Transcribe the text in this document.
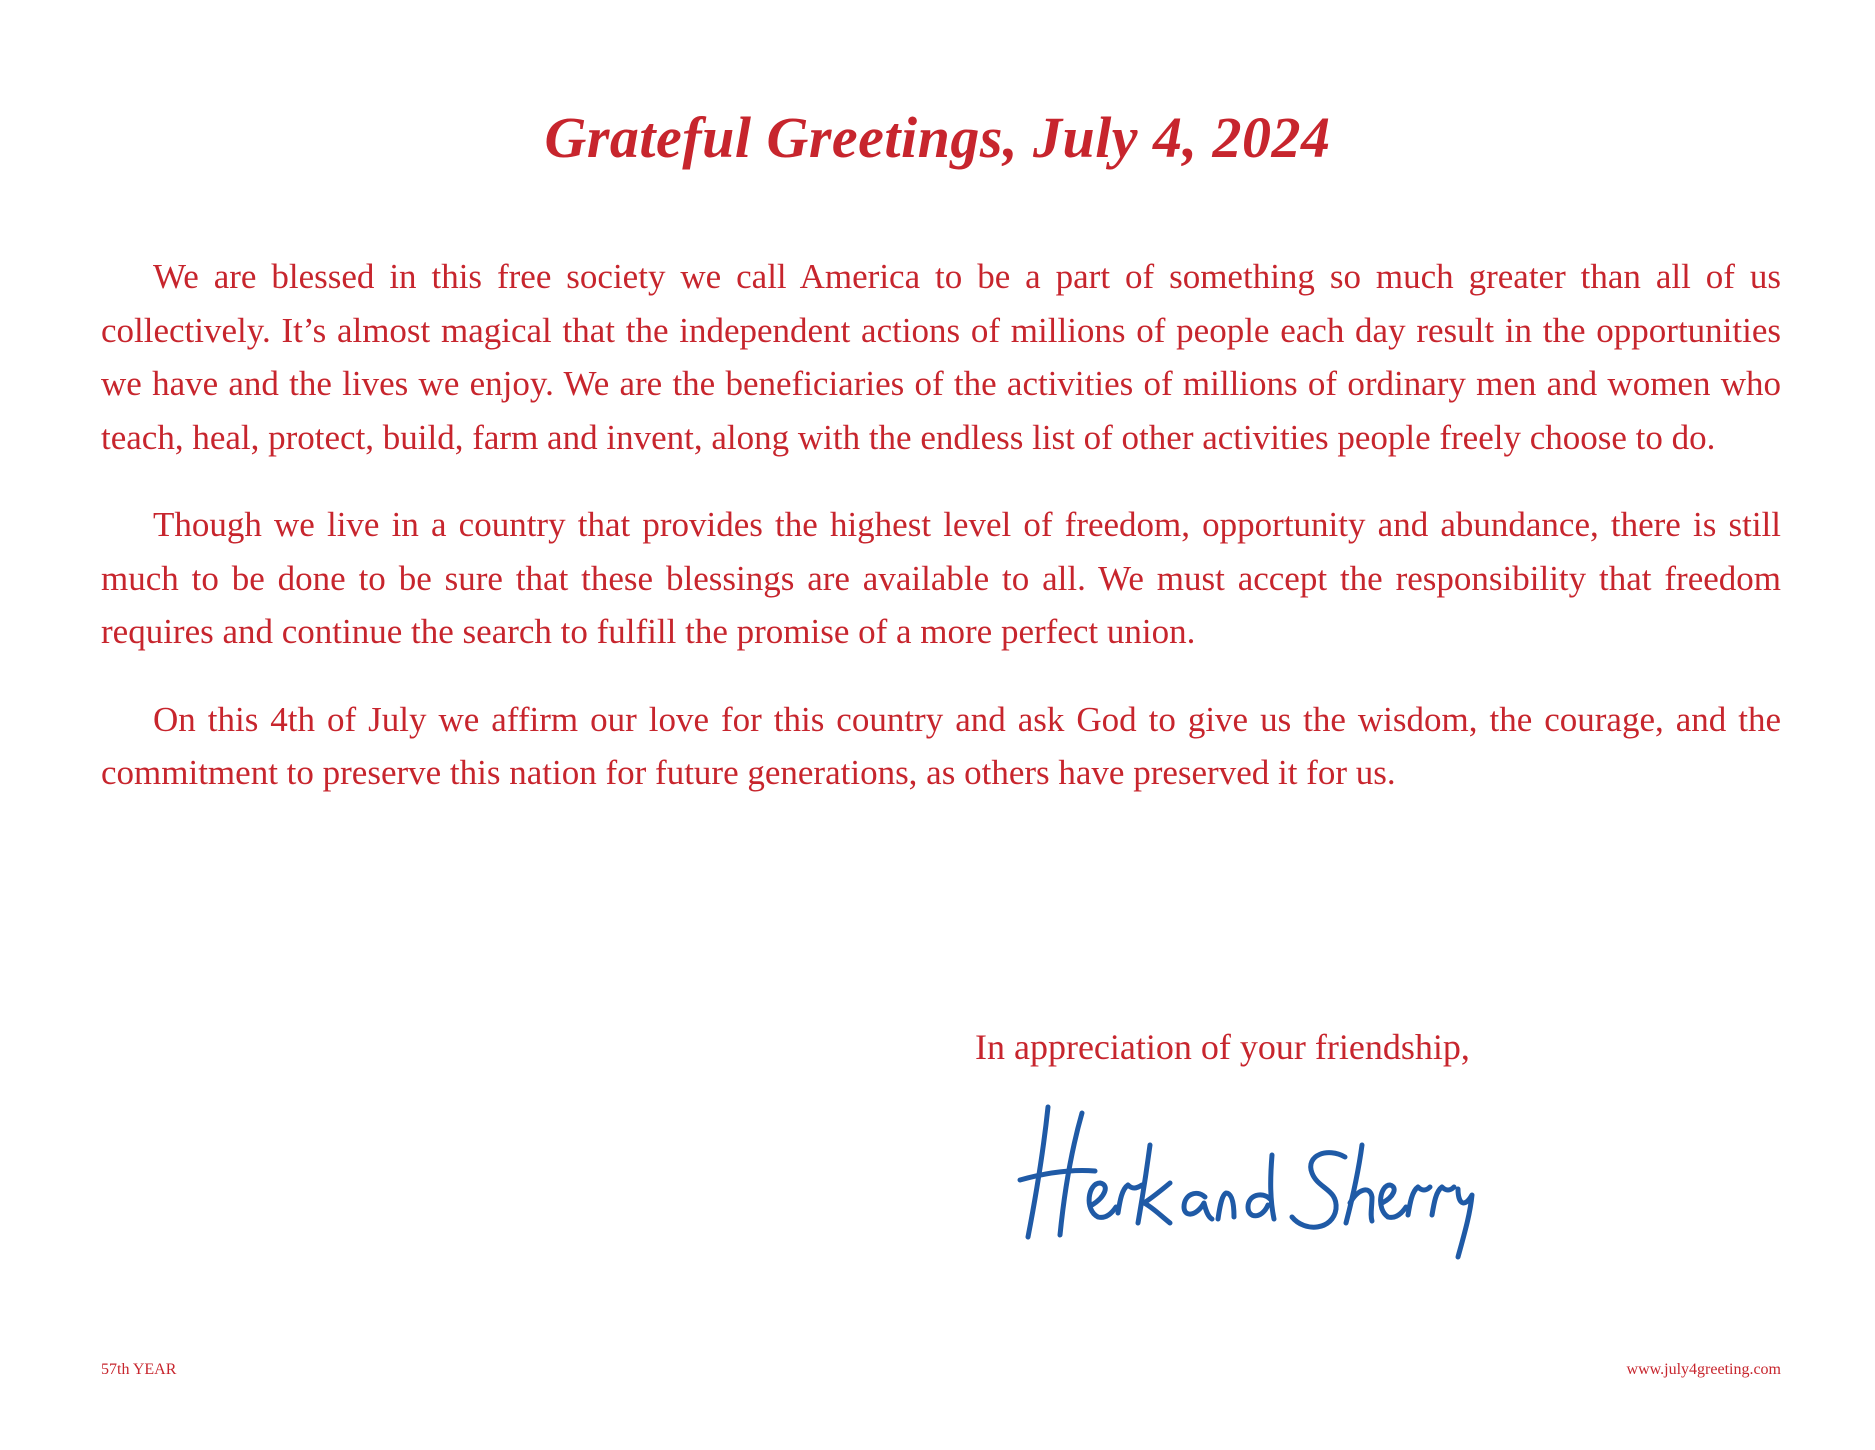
Grateful Greetings, July 4, 2024

We are blessed in this free society we call America to be a part of something so much greater than all of us collectively. It’s almost magical that the independent actions of millions of people each day result in the opportunities we have and the lives we enjoy. We are the beneficiaries of the activities of millions of ordinary men and women who teach, heal, protect, build, farm and invent, along with the endless list of other activities people freely choose to do.

Though we live in a country that provides the highest level of freedom, opportunity and abundance, there is still much to be done to be sure that these blessings are available to all. We must accept the responsibility that freedom requires and continue the search to fulfill the promise of a more perfect union.

On this 4th of July we affirm our love for this country and ask God to give us the wisdom, the courage, and the commitment to preserve this nation for future generations, as others have preserved it for us.

In appreciation of your friendship,
57th YEAR	www.july4greeting.com
